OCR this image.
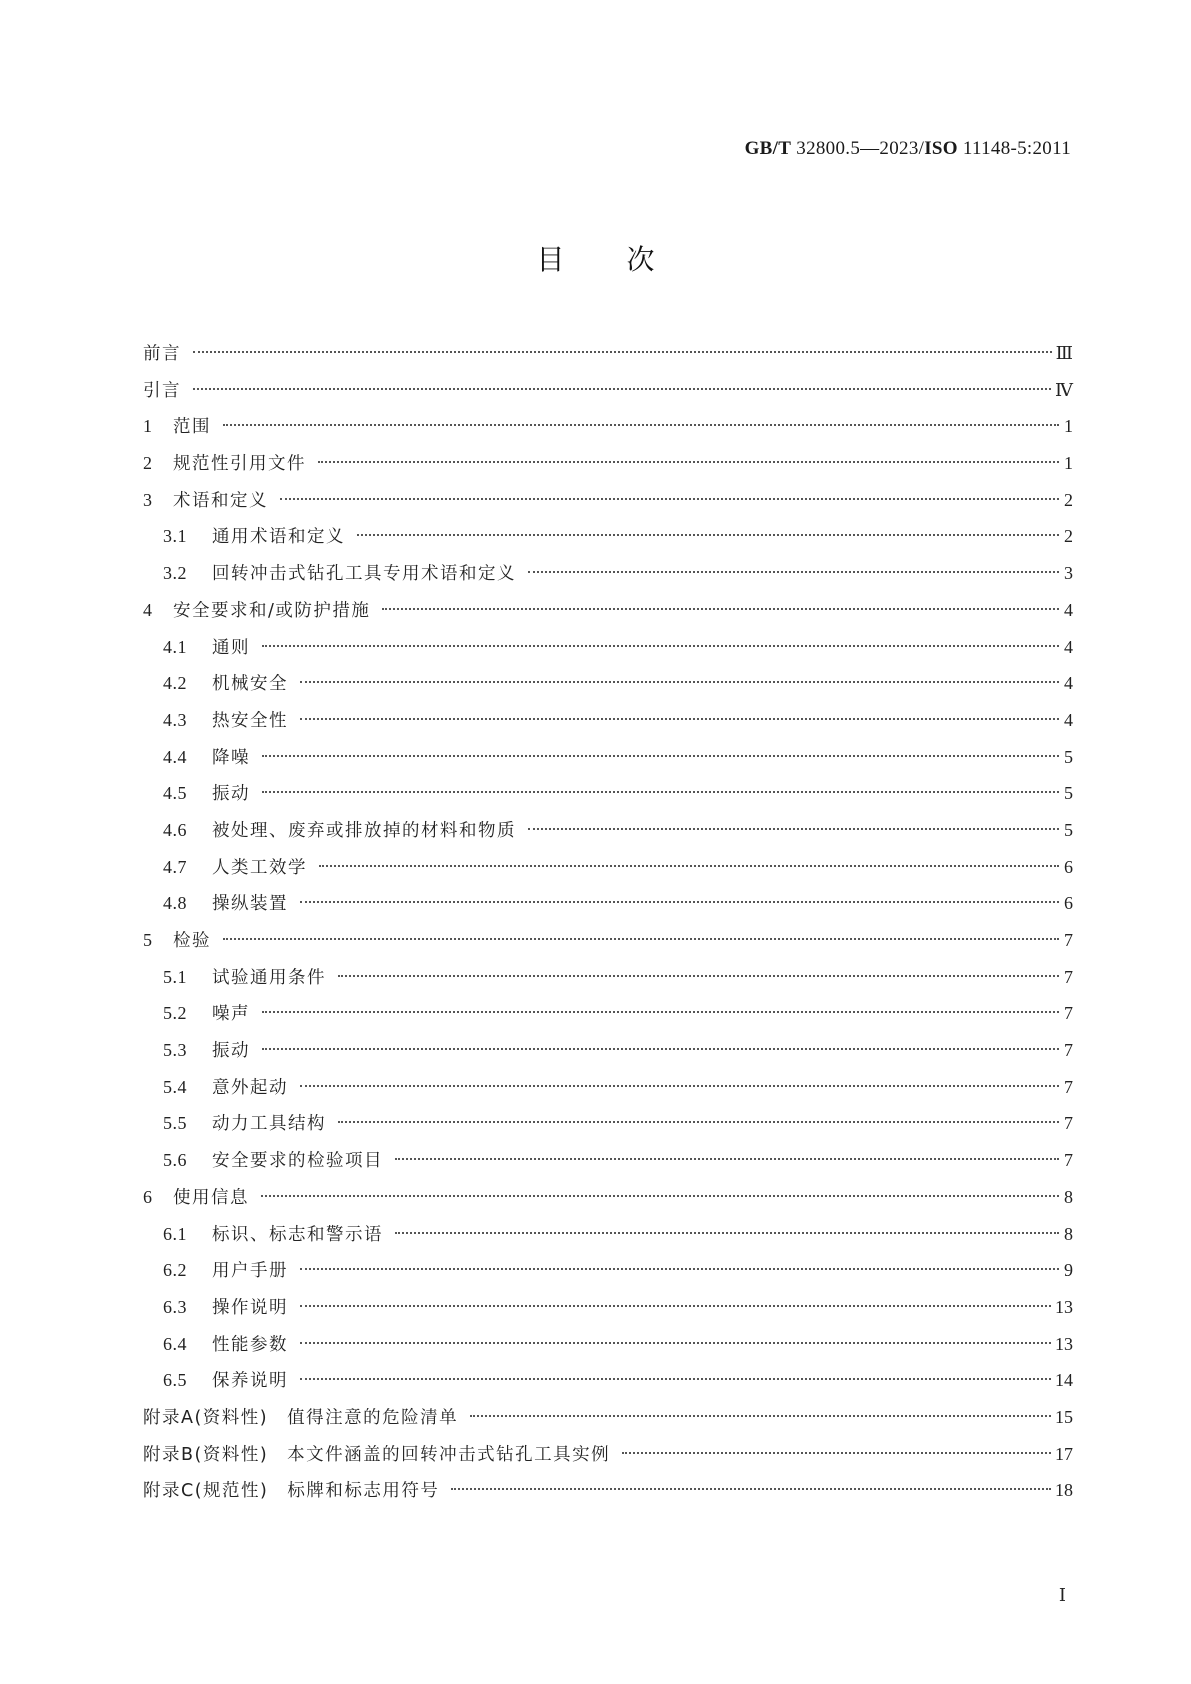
GB/T 32800.5—2023/ISO 11148-5:2011
目次
前言	Ⅲ
引言	Ⅳ
1	范围	1
2	规范性引用文件	1
3	术语和定义	2
3.1	通用术语和定义	2
3.2	回转冲击式钻孔工具专用术语和定义	3
4	安全要求和/或防护措施	4
4.1	通则	4
4.2	机械安全	4
4.3	热安全性	4
4.4	降噪	5
4.5	振动	5
4.6	被处理、废弃或排放掉的材料和物质	5
4.7	人类工效学	6
4.8	操纵装置	6
5	检验	7
5.1	试验通用条件	7
5.2	噪声	7
5.3	振动	7
5.4	意外起动	7
5.5	动力工具结构	7
5.6	安全要求的检验项目	7
6	使用信息	8
6.1	标识、标志和警示语	8
6.2	用户手册	9
6.3	操作说明	13
6.4	性能参数	13
6.5	保养说明	14
附录A(资料性)　值得注意的危险清单	15
附录B(资料性)　本文件涵盖的回转冲击式钻孔工具实例	17
附录C(规范性)　标牌和标志用符号	18
Ⅰ
